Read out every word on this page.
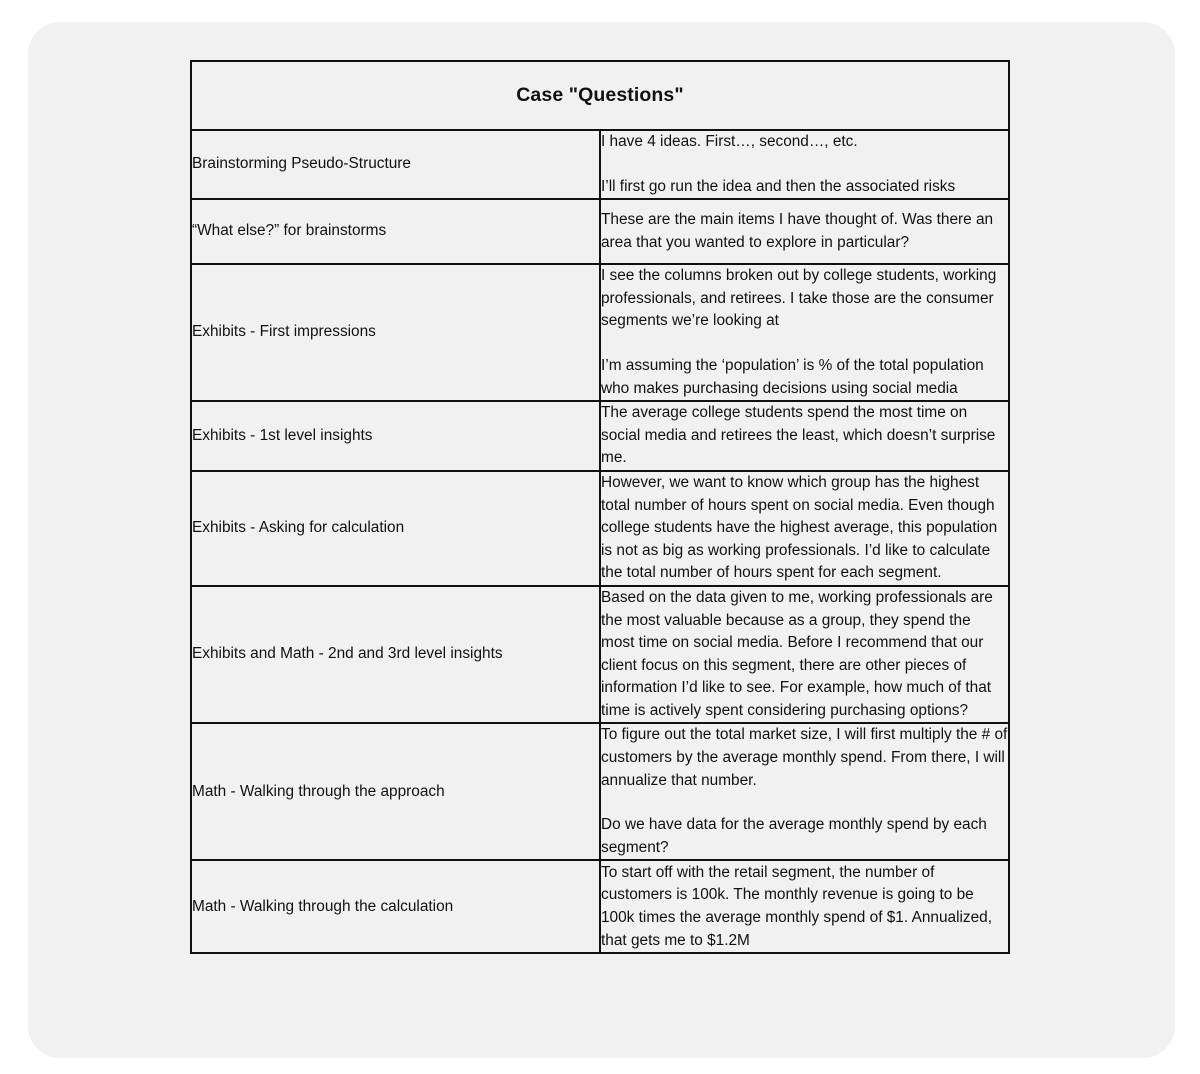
Case "Questions"	
Brainstorming Pseudo-Structure	I have 4 ideas. First…, second…, etc.

I’ll first go run the idea and then the associated risks

“What else?” for brainstorms	These are the main items I have thought of. Was there an area that you wanted to explore in particular?

Exhibits - First impressions	I see the columns broken out by college students, working professionals, and retirees. I take those are the consumer segments we’re looking at

I’m assuming the ‘population’ is % of the total population who makes purchasing decisions using social media

Exhibits - 1st level insights	The average college students spend the most time on social media and retirees the least, which doesn’t surprise me.

Exhibits - Asking for calculation	However, we want to know which group has the highest total number of hours spent on social media. Even though college students have the highest average, this population is not as big as working professionals. I’d like to calculate the total number of hours spent for each segment.

Exhibits and Math - 2nd and 3rd level insights	Based on the data given to me, working professionals are the most valuable because as a group, they spend the most time on social media. Before I recommend that our client focus on this segment, there are other pieces of information I’d like to see. For example, how much of that time is actively spent considering purchasing options?

Math - Walking through the approach	To figure out the total market size, I will first multiply the # of customers by the average monthly spend. From there, I will annualize that number.

Do we have data for the average monthly spend by each segment?

Math - Walking through the calculation	To start off with the retail segment, the number of customers is 100k. The monthly revenue is going to be 100k times the average monthly spend of $1. Annualized, that gets me to $1.2M
